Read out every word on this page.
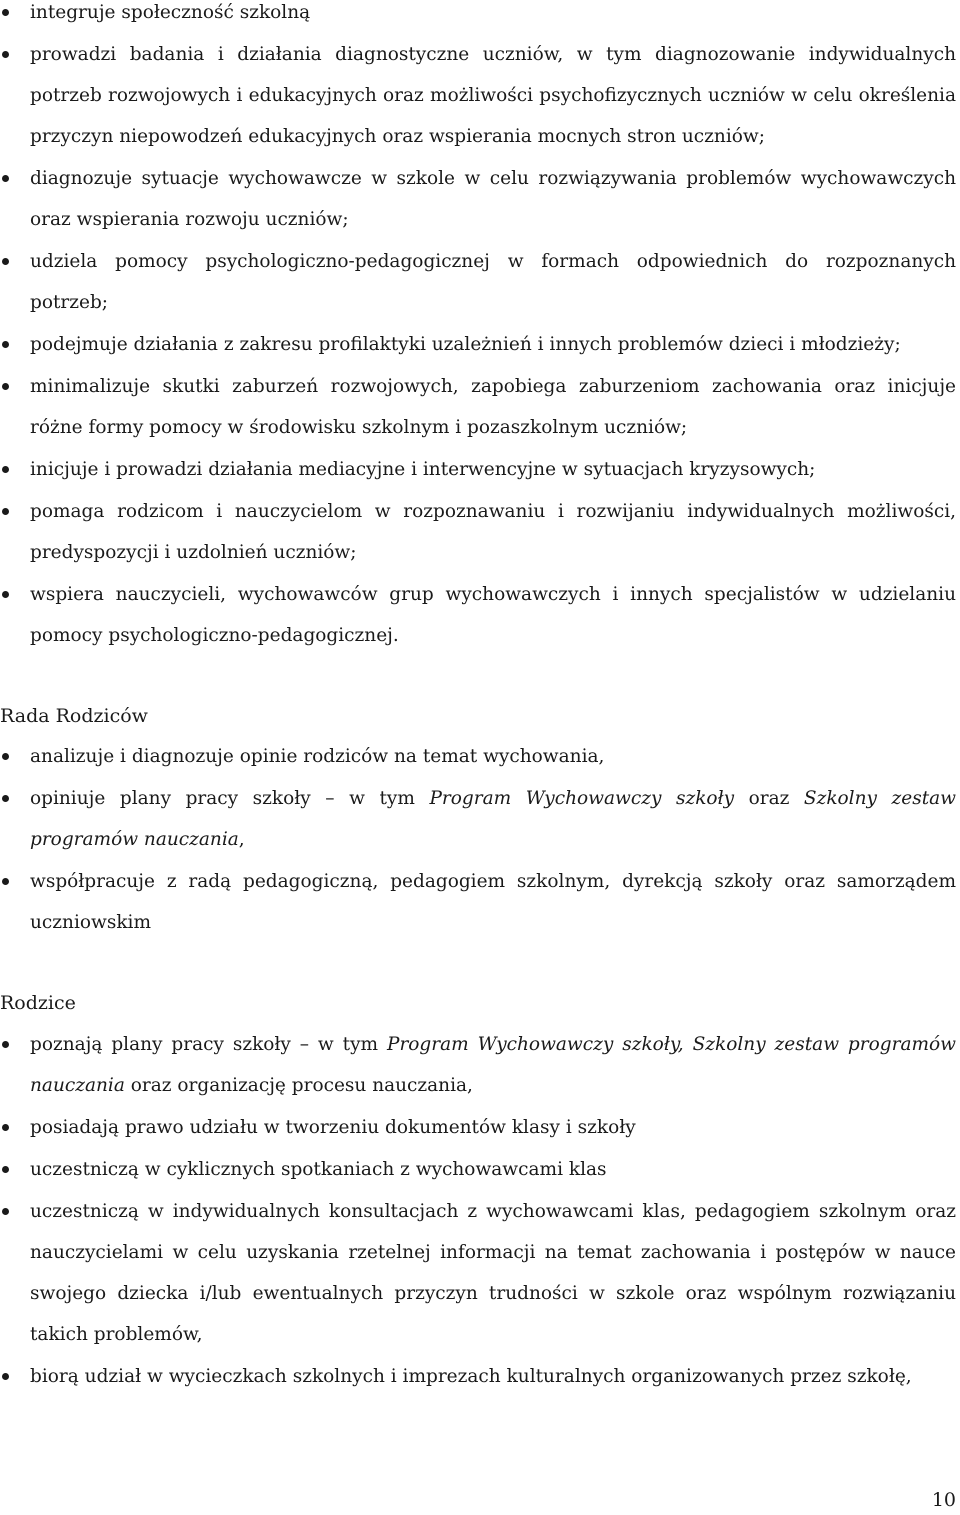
integruje społeczność szkolną
prowadzi badania i działania diagnostyczne uczniów, w tym diagnozowanie indywidualnych potrzeb rozwojowych i edukacyjnych oraz możliwości psychofizycznych uczniów w celu określenia przyczyn niepowodzeń edukacyjnych oraz wspierania mocnych stron uczniów;
diagnozuje sytuacje wychowawcze w szkole w celu rozwiązywania problemów wychowawczych oraz wspierania rozwoju uczniów;
udziela pomocy psychologiczno-pedagogicznej w formach odpowiednich do rozpoznanych potrzeb;
podejmuje działania z zakresu profilaktyki uzależnień i innych problemów dzieci i młodzieży;
minimalizuje skutki zaburzeń rozwojowych, zapobiega zaburzeniom zachowania oraz inicjuje różne formy pomocy w środowisku szkolnym i pozaszkolnym uczniów;
inicjuje i prowadzi działania mediacyjne i interwencyjne w sytuacjach kryzysowych;
pomaga rodzicom i nauczycielom w rozpoznawaniu i rozwijaniu indywidualnych możliwości, predyspozycji i uzdolnień uczniów;
wspiera nauczycieli, wychowawców grup wychowawczych i innych specjalistów w udzielaniu pomocy psychologiczno-pedagogicznej.
Rada Rodziców
analizuje i diagnozuje opinie rodziców na temat wychowania,
opiniuje plany pracy szkoły – w tym Program Wychowawczy szkoły oraz Szkolny zestaw programów nauczania,
współpracuje z radą pedagogiczną, pedagogiem szkolnym, dyrekcją szkoły oraz samorządem uczniowskim
Rodzice
poznają plany pracy szkoły – w tym Program Wychowawczy szkoły, Szkolny zestaw programów nauczania oraz organizację procesu nauczania,
posiadają prawo udziału w tworzeniu dokumentów klasy i szkoły
uczestniczą w cyklicznych spotkaniach z wychowawcami klas
uczestniczą w indywidualnych konsultacjach z wychowawcami klas, pedagogiem szkolnym oraz nauczycielami w celu uzyskania rzetelnej informacji na temat zachowania i postępów w nauce swojego dziecka i/lub ewentualnych przyczyn trudności w szkole oraz wspólnym rozwiązaniu takich problemów,
biorą udział w wycieczkach szkolnych i imprezach kulturalnych organizowanych przez szkołę,
10
